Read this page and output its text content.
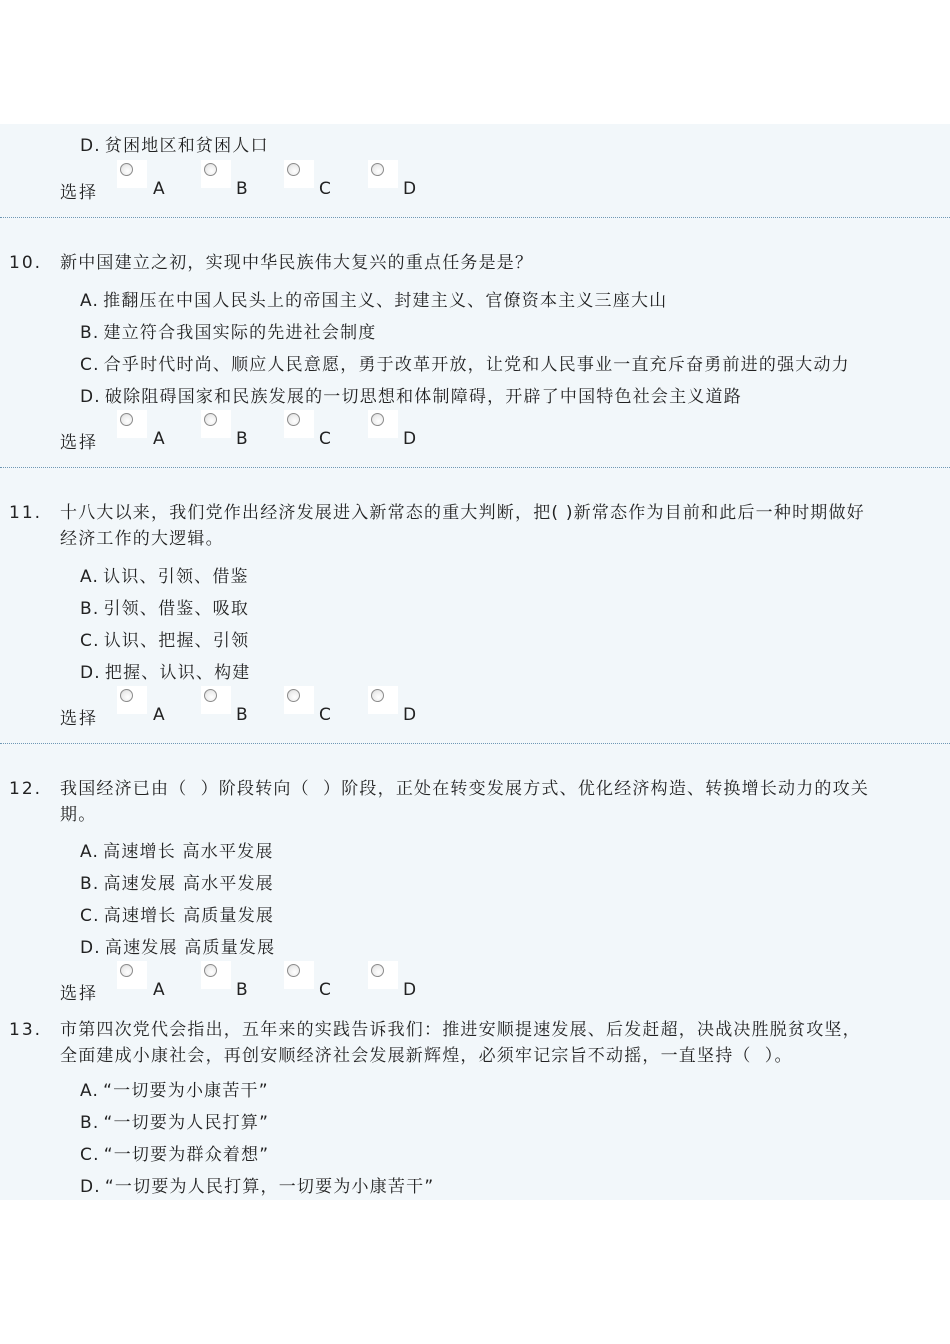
D. 贫困地区和贫困人口
选择	A	B	C	D
10. 新中国建立之初，实现中华民族伟大复兴的重点任务是是？
A. 推翻压在中国人民头上的帝国主义、封建主义、官僚资本主义三座大山
B. 建立符合我国实际的先进社会制度
C. 合乎时代时尚、顺应人民意愿，勇于改革开放，让党和人民事业一直充斥奋勇前进的强大动力
D. 破除阻碍国家和民族发展的一切思想和体制障碍，开辟了中国特色社会主义道路
选择	A	B	C	D
11. 十八大以来，我们党作出经济发展进入新常态的重大判断，把( )新常态作为目前和此后一种时期做好
经济工作的大逻辑。
A. 认识、引领、借鉴
B. 引领、借鉴、吸取
C. 认识、把握、引领
D. 把握、认识、构建
选择	A	B	C	D
12. 我国经济已由（  ）阶段转向（  ）阶段，正处在转变发展方式、优化经济构造、转换增长动力的攻关
期。
A. 高速增长 高水平发展
B. 高速发展 高水平发展
C. 高速增长 高质量发展
D. 高速发展 高质量发展
选择	A	B	C	D
13. 市第四次党代会指出，五年来的实践告诉我们：推进安顺提速发展、后发赶超，决战决胜脱贫攻坚，
全面建成小康社会，再创安顺经济社会发展新辉煌，必须牢记宗旨不动摇，一直坚持（  ）。
A. “一切要为小康苦干”
B. “一切要为人民打算”
C. “一切要为群众着想”
D. “一切要为人民打算，一切要为小康苦干”
